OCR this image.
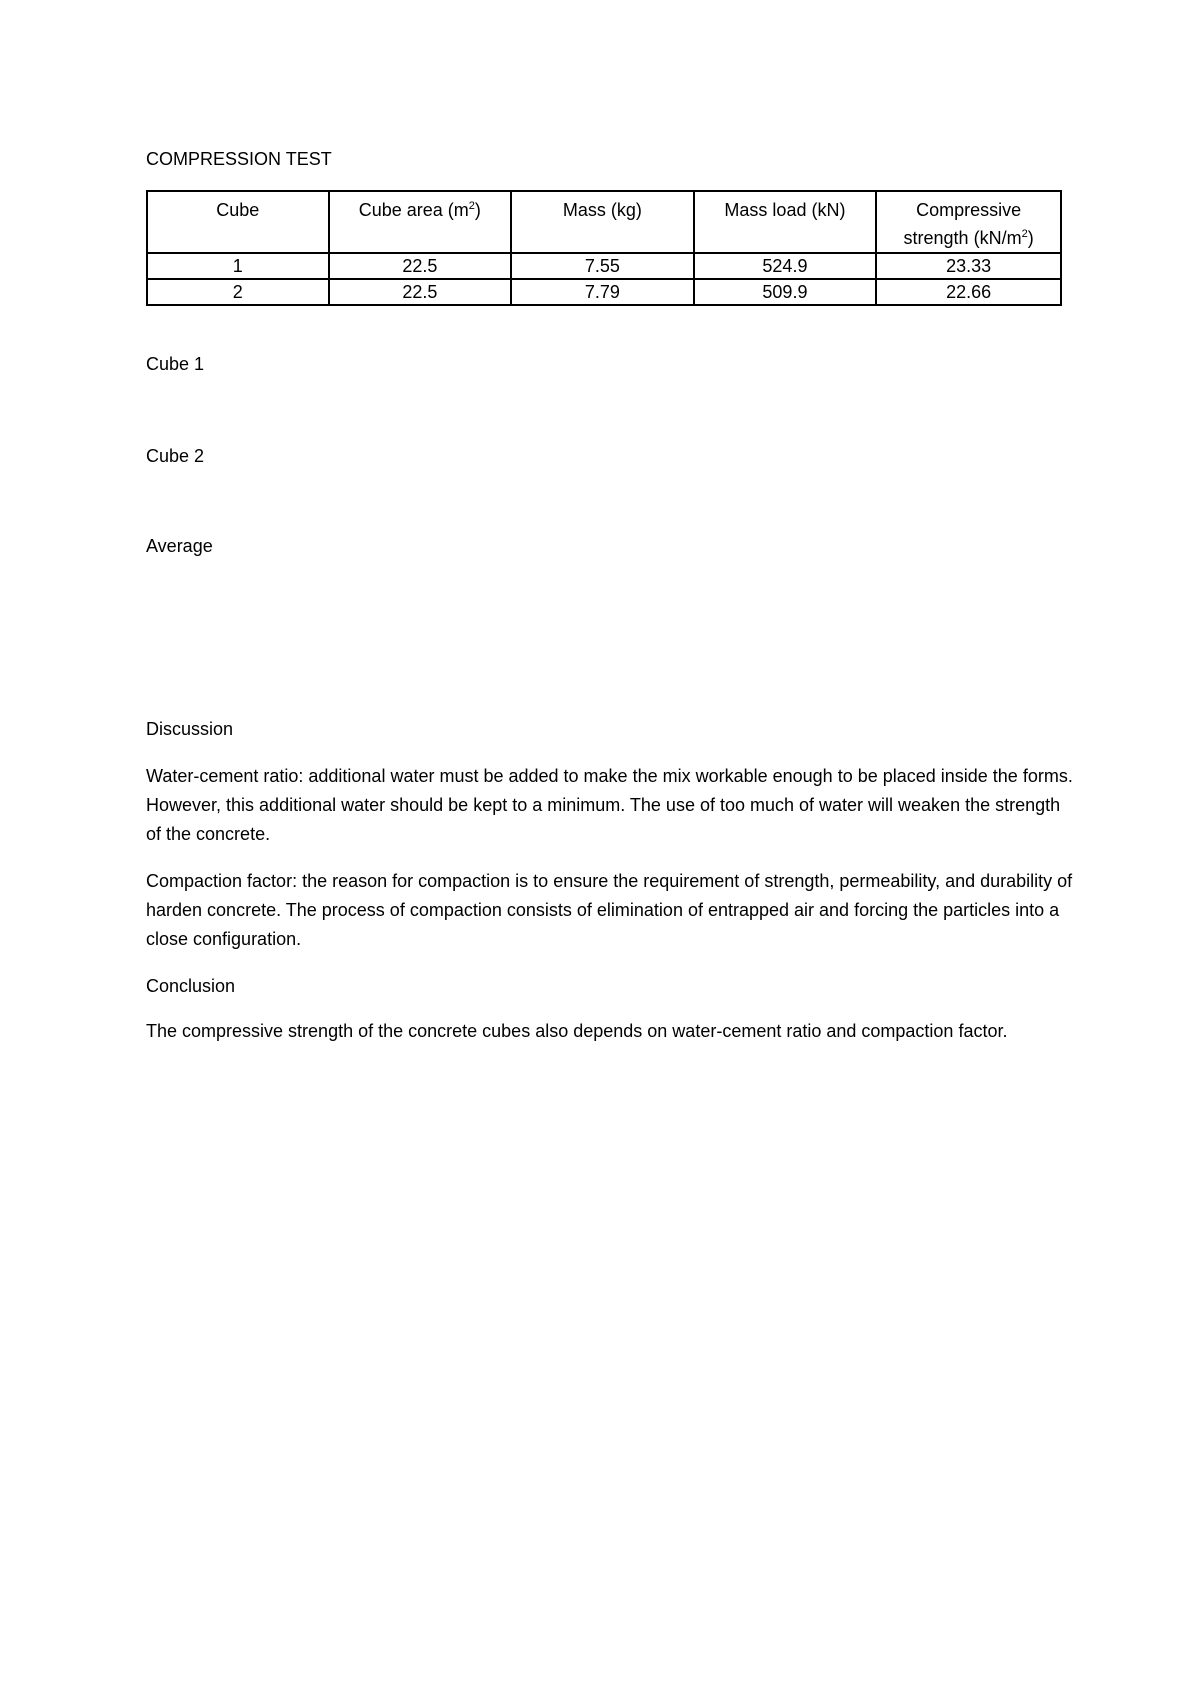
COMPRESSION TEST
Cube	Cube area $(m^2)$	Mass (kg)	Mass load (kN)	Compressive
strength $(kN/m^2)$
1	22.5	7.55	524.9	23.33
2	22.5	7.79	509.9	22.66
Cube 1
Cube 2
Average
Discussion

Water-cement ratio: additional water must be added to make the mix workable enough to be placed inside the forms. However, this additional water should be kept to a minimum. The use of too much of water will weaken the strength of the concrete.

Compaction factor: the reason for compaction is to ensure the requirement of strength, permeability, and durability of harden concrete. The process of compaction consists of elimination of entrapped air and forcing the particles into a close configuration.

Conclusion

The compressive strength of the concrete cubes also depends on water-cement ratio and compaction factor.
